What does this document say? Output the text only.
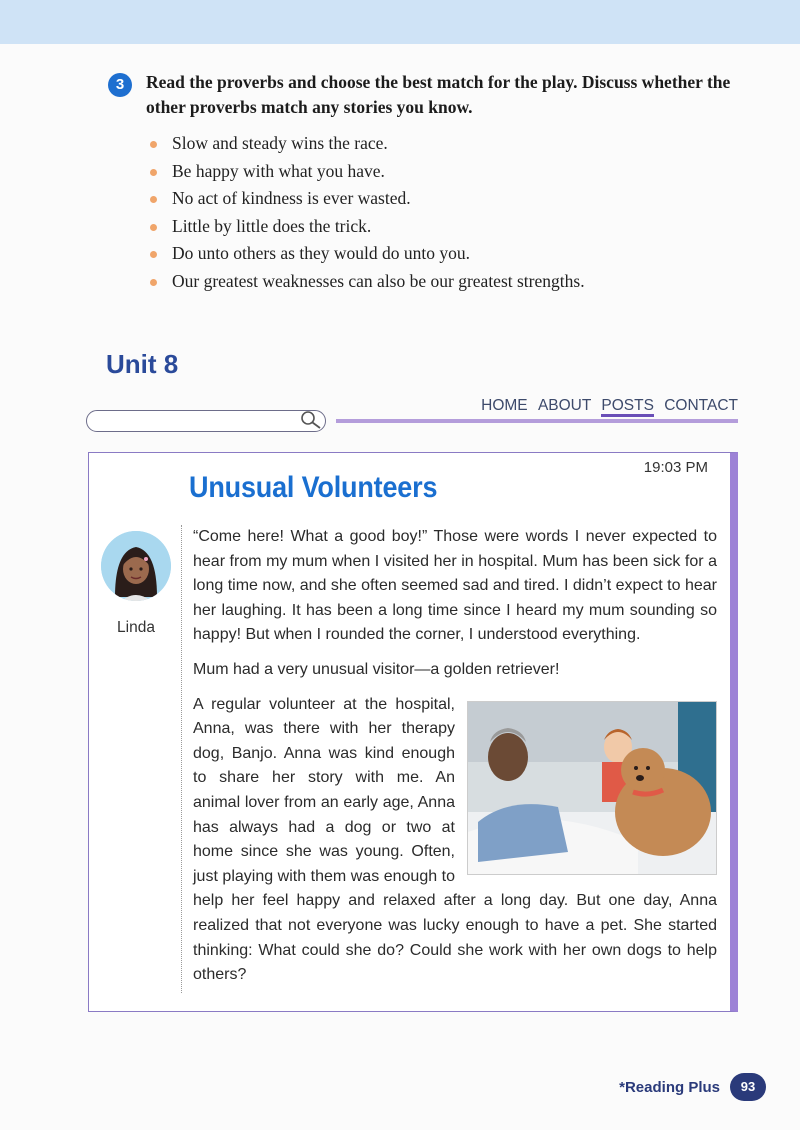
3	Read the proverbs and choose the best match for the play. Discuss whether the other proverbs match any stories you know.
Slow and steady wins the race.
Be happy with what you have.
No act of kindness is ever wasted.
Little by little does the trick.
Do unto others as they would do unto you.
Our greatest weaknesses can also be our greatest strengths.
Unit 8
HOME ABOUT POSTS CONTACT
19:03 PM
Unusual Volunteers
Linda

“Come here! What a good boy!” Those were words I never expected to hear from my mum when I visited her in hospital. Mum has been sick for a long time now, and she often seemed sad and tired. I didn’t expect to hear her laughing. It has been a long time since I heard my mum sounding so happy! But when I rounded the corner, I understood everything.

Mum had a very unusual visitor—a golden retriever!

A regular volunteer at the hospital, Anna, was there with her therapy dog, Banjo. Anna was kind enough to share her story with me. An animal lover from an early age, Anna has always had a dog or two at home since she was young. Often, just playing with them was enough to help her feel happy and relaxed after a long day. But one day, Anna realized that not everyone was lucky enough to have a pet. She started thinking: What could she do? Could she work with her own dogs to help others?

*Reading Plus	93
